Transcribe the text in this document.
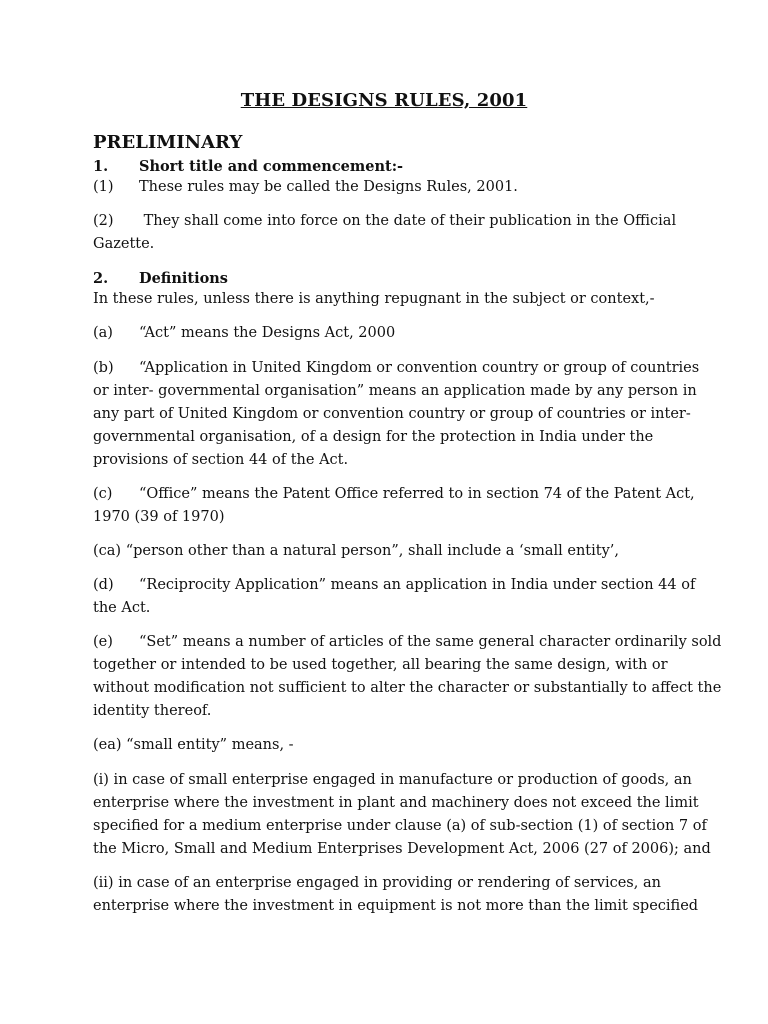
THE DESIGNS RULES, 2001
PRELIMINARY
1. Short title and commencement:-
(1) These rules may be called the Designs Rules, 2001.
(2) They shall come into force on the date of their publication in the Official
Gazette.
2. Definitions
In these rules, unless there is anything repugnant in the subject or context,-
(a) “Act” means the Designs Act, 2000
(b) “Application in United Kingdom or convention country or group of countries
or inter- governmental organisation” means an application made by any person in
any part of United Kingdom or convention country or group of countries or inter-
governmental organisation, of a design for the protection in India under the
provisions of section 44 of the Act.
(c) “Office” means the Patent Office referred to in section 74 of the Patent Act,
1970 (39 of 1970)
(ca) “person other than a natural person”, shall include a ‘small entity’,
(d) “Reciprocity Application” means an application in India under section 44 of
the Act.
(e) “Set” means a number of articles of the same general character ordinarily sold
together or intended to be used together, all bearing the same design, with or
without modification not sufficient to alter the character or substantially to affect the
identity thereof.
(ea) “small entity” means, -
(i) in case of small enterprise engaged in manufacture or production of goods, an
enterprise where the investment in plant and machinery does not exceed the limit
specified for a medium enterprise under clause (a) of sub-section (1) of section 7 of
the Micro, Small and Medium Enterprises Development Act, 2006 (27 of 2006); and
(ii) in case of an enterprise engaged in providing or rendering of services, an
enterprise where the investment in equipment is not more than the limit specified
